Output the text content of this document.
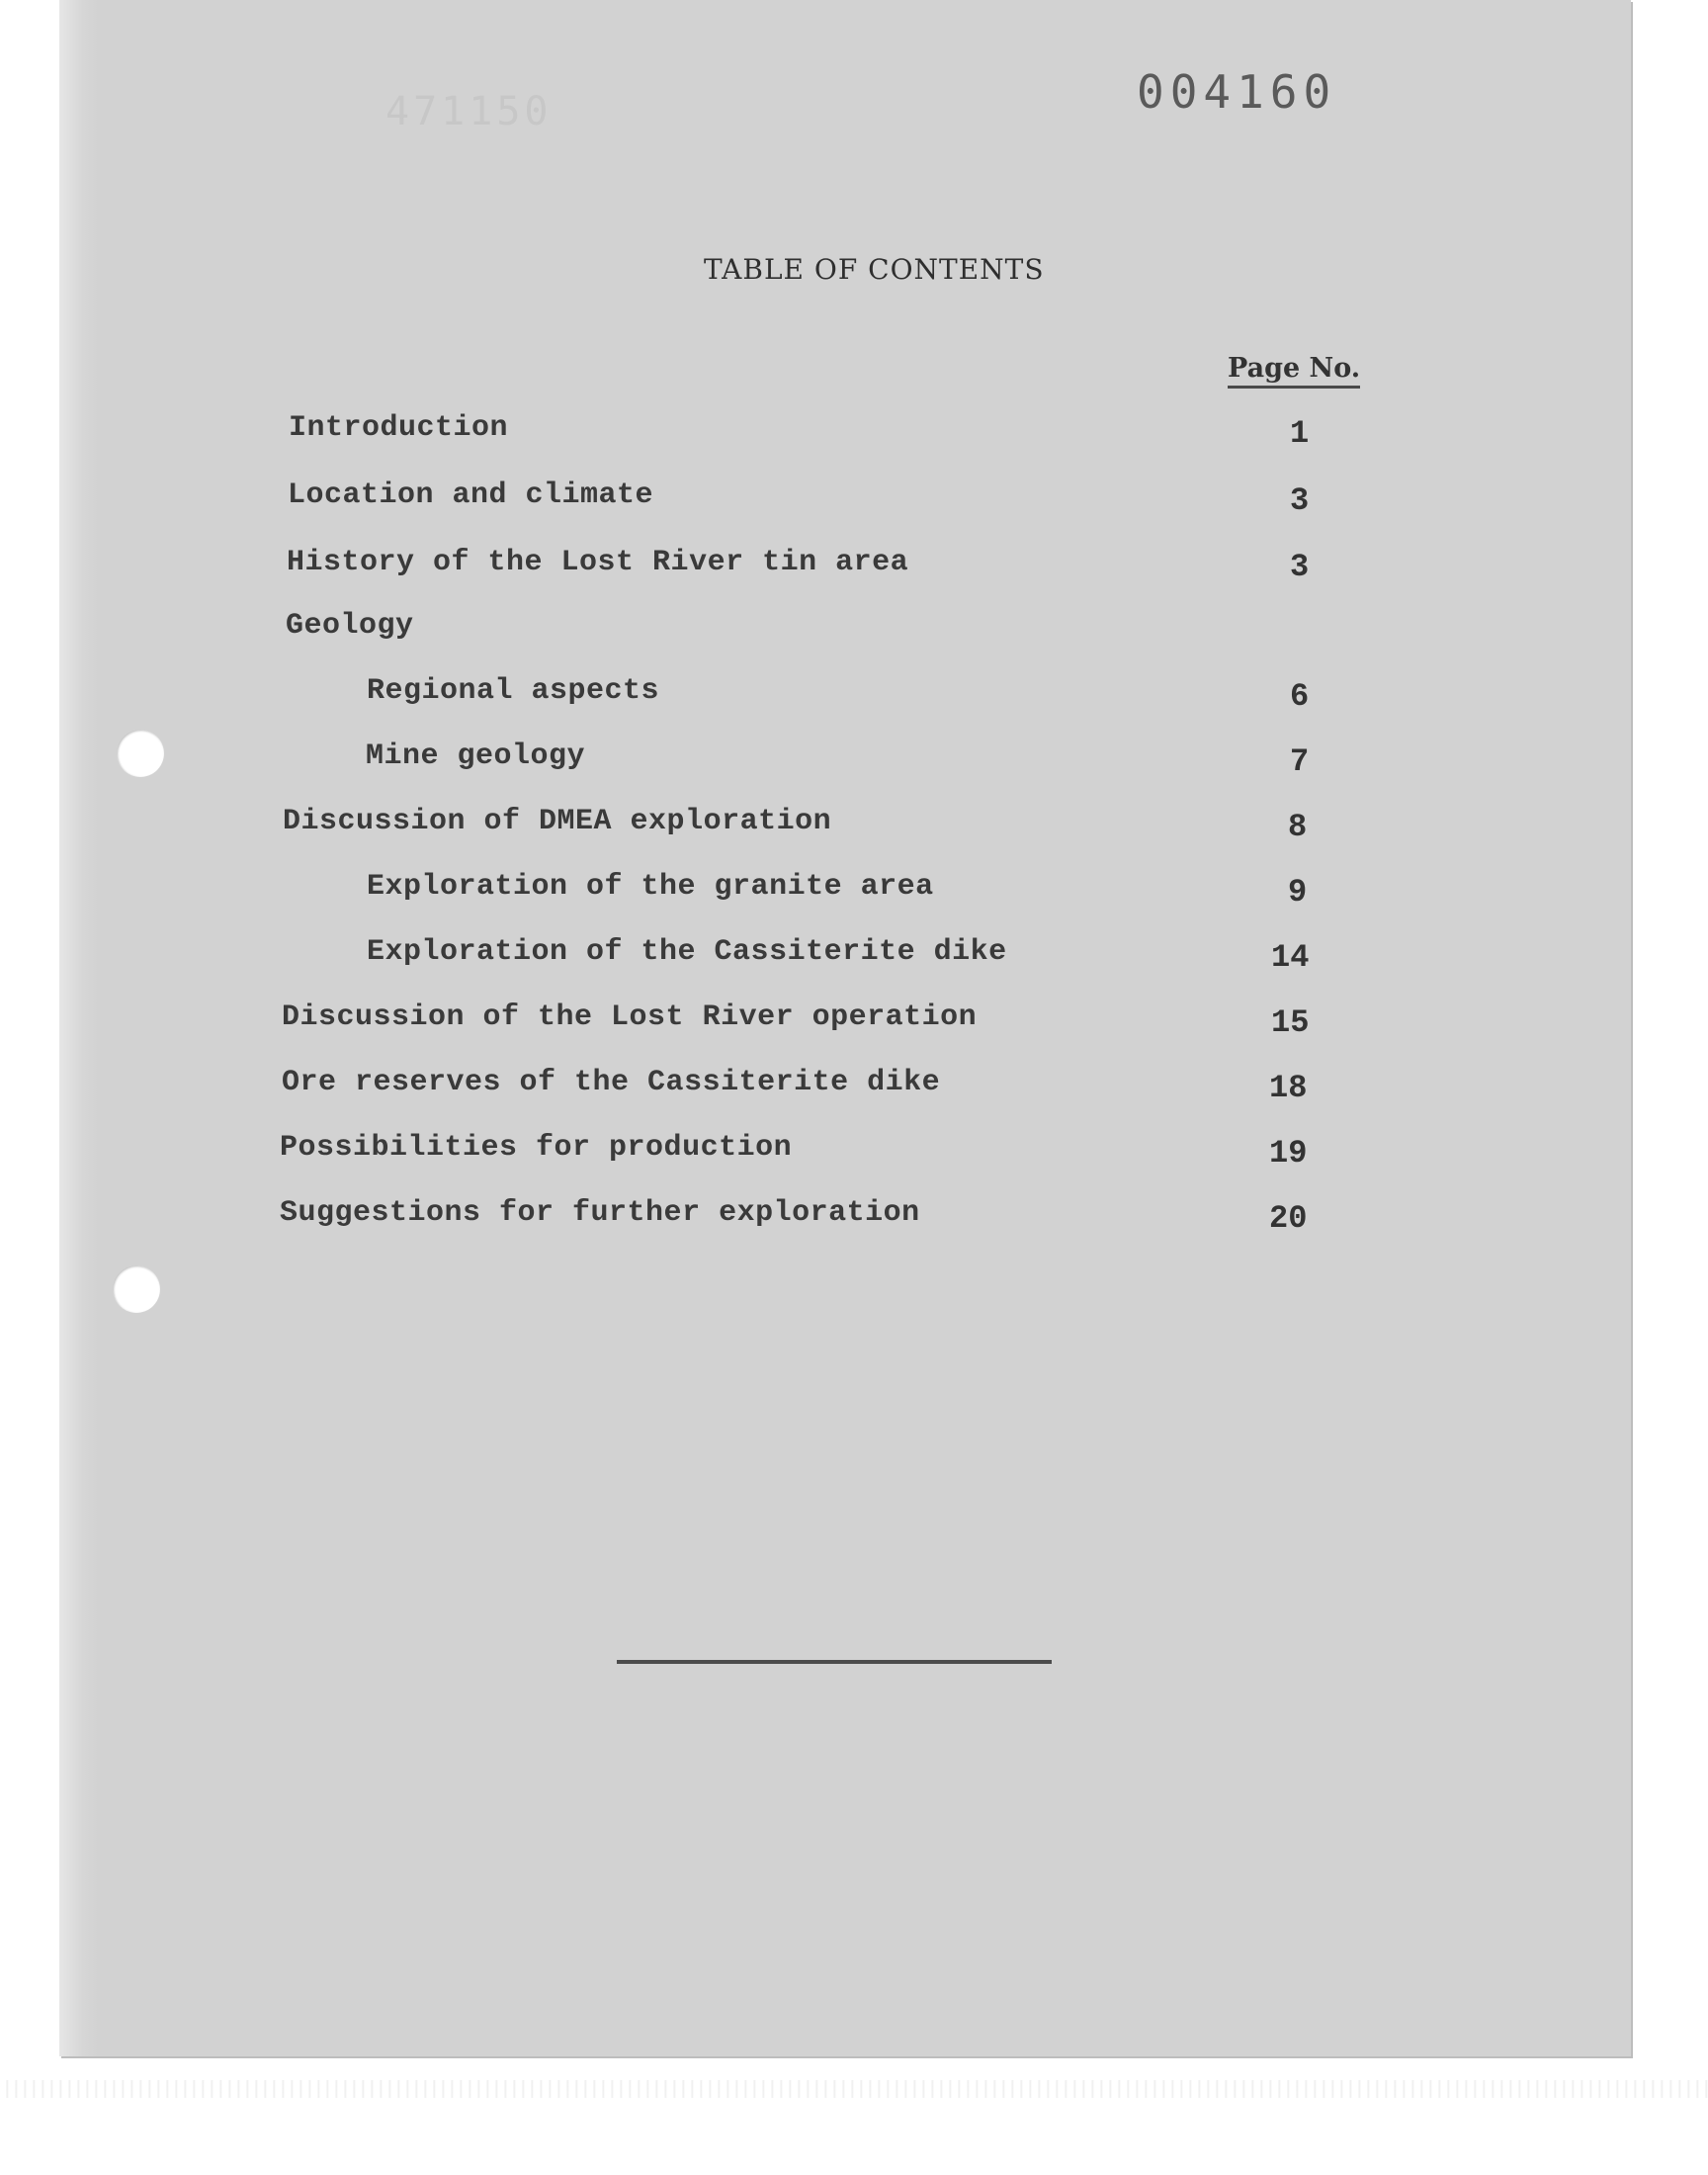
471150	004160
TABLE OF CONTENTS
Page No.
Introduction	1
Location and climate	3
History of the Lost River tin area	3
Geology
Regional aspects	6
Mine geology	7
Discussion of DMEA exploration	8
Exploration of the granite area	9
Exploration of the Cassiterite dike	14
Discussion of the Lost River operation	15
Ore reserves of the Cassiterite dike	18
Possibilities for production	19
Suggestions for further exploration	20
